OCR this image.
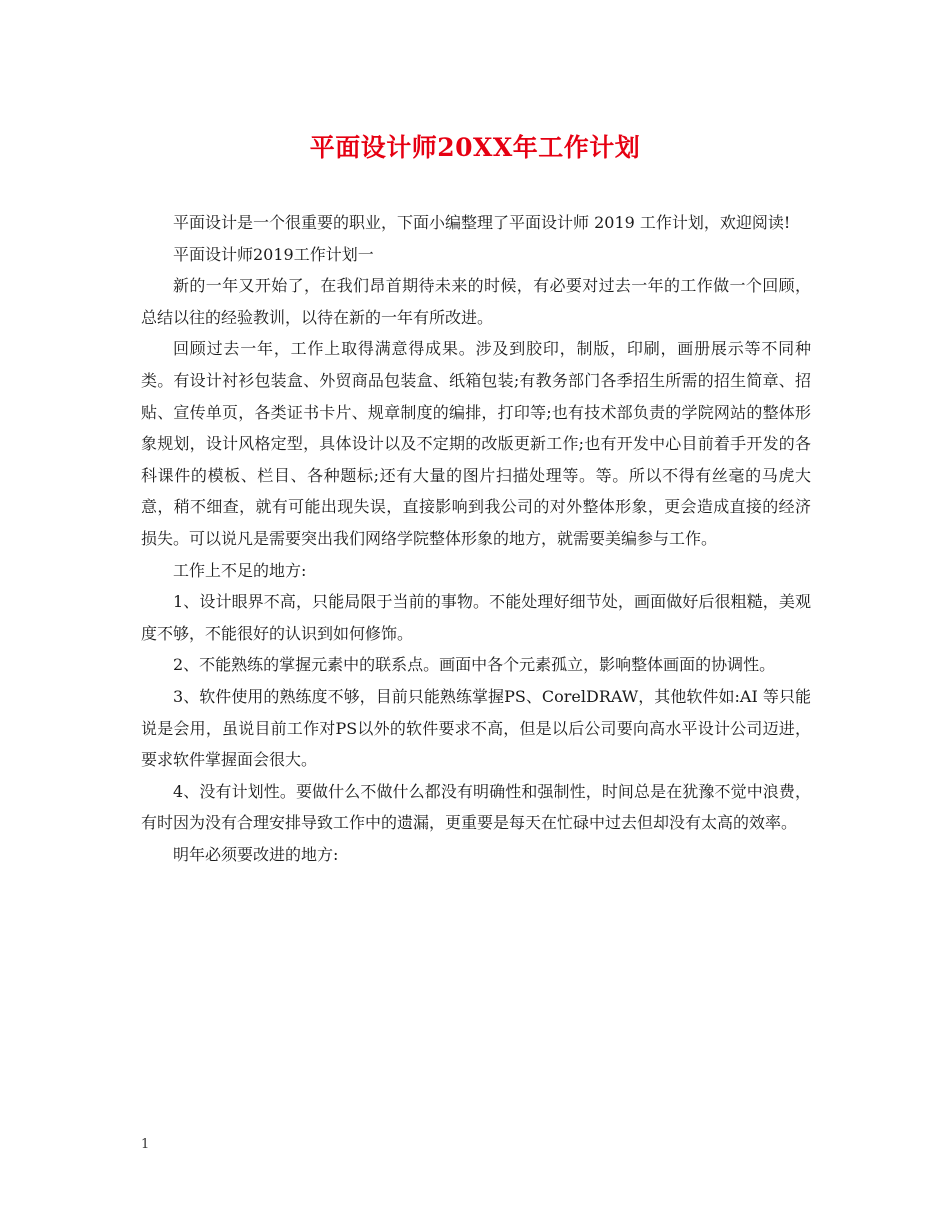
平面设计师20XX年工作计划

平面设计是一个很重要的职业，下面小编整理了平面设计师 2019 工作计划，欢迎阅读!

平面设计师2019工作计划一

新的一年又开始了，在我们昂首期待未来的时候，有必要对过去一年的工作做一个回顾，总结以往的经验教训，以待在新的一年有所改进。

回顾过去一年，工作上取得满意得成果。涉及到胶印，制版，印刷，画册展示等不同种类。有设计衬衫包装盒、外贸商品包装盒、纸箱包装;有教务部门各季招生所需的招生简章、招贴、宣传单页，各类证书卡片、规章制度的编排，打印等;也有技术部负责的学院网站的整体形象规划，设计风格定型，具体设计以及不定期的改版更新工作;也有开发中心目前着手开发的各科课件的模板、栏目、各种题标;还有大量的图片扫描处理等。等。所以不得有丝毫的马虎大意，稍不细查，就有可能出现失误，直接影响到我公司的对外整体形象，更会造成直接的经济损失。可以说凡是需要突出我们网络学院整体形象的地方，就需要美编参与工作。

工作上不足的地方:

1、设计眼界不高，只能局限于当前的事物。不能处理好细节处，画面做好后很粗糙，美观度不够，不能很好的认识到如何修饰。

2、不能熟练的掌握元素中的联系点。画面中各个元素孤立，影响整体画面的协调性。

3、软件使用的熟练度不够，目前只能熟练掌握PS、CorelDRAW，其他软件如:AI 等只能说是会用，虽说目前工作对PS以外的软件要求不高，但是以后公司要向高水平设计公司迈进，要求软件掌握面会很大。

4、没有计划性。要做什么不做什么都没有明确性和强制性，时间总是在犹豫不觉中浪费，有时因为没有合理安排导致工作中的遗漏，更重要是每天在忙碌中过去但却没有太高的效率。

明年必须要改进的地方:

1
